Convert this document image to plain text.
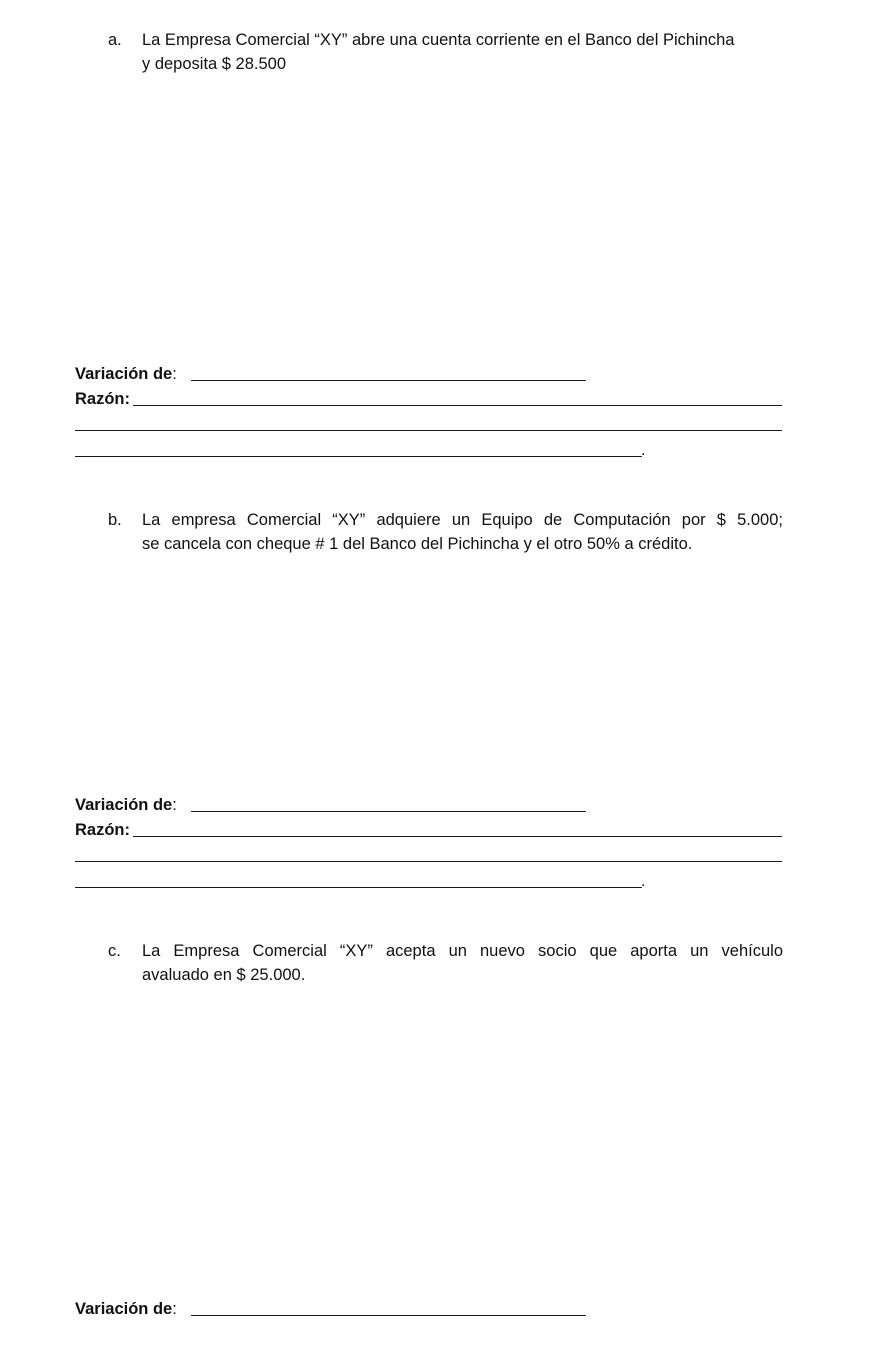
a.	La Empresa Comercial “XY” abre una cuenta corriente en el Banco del Pichincha
y deposita $ 28.500
Variación de:
Razón:
.
b.	La empresa Comercial “XY” adquiere un Equipo de Computación por $ 5.000;
se cancela con cheque # 1 del Banco del Pichincha y el otro 50% a crédito.
Variación de:
Razón:
.
c.	La Empresa Comercial “XY” acepta un nuevo socio que aporta un vehículo
avaluado en $ 25.000.
Variación de:
